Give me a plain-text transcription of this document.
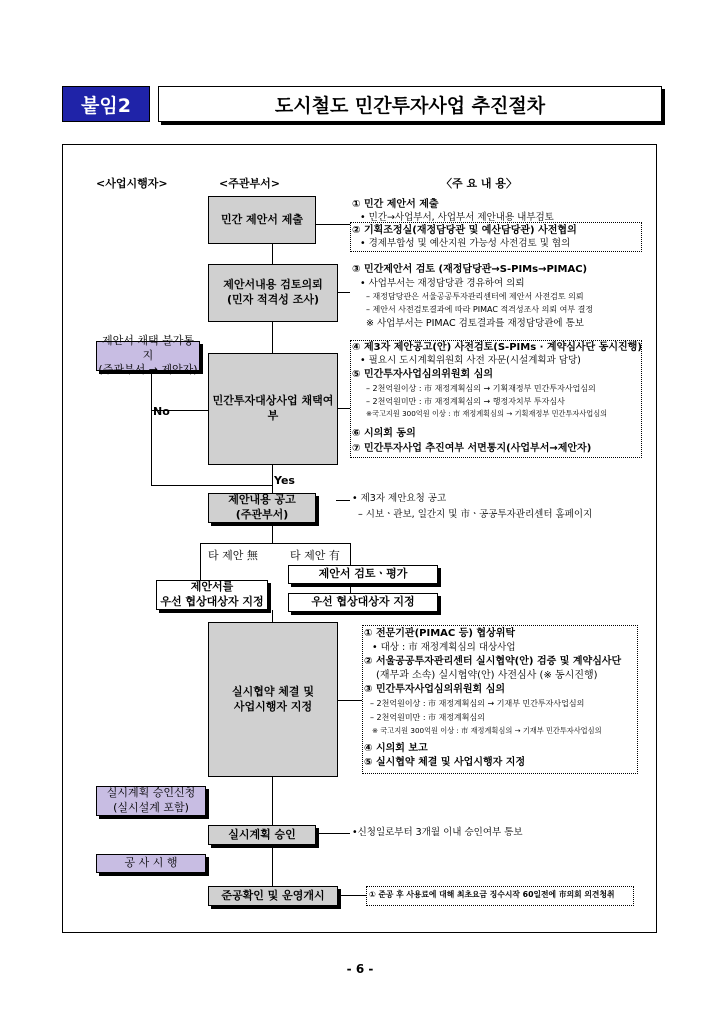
붙임2	도시철도 민간투자사업 추진절차
<사업시행자>	<주관부서>	〈주 요 내 용〉
민간 제안서 제출
제안서내용 검토의뢰
(민자 적격성 조사)
민간투자대상사업 채택여부
제안서 채택 불가통지
(주관부서 → 제안자)
제안내용 공고
(주관부서)
제안서를
우선 협상대상자 지정
제안서 검토ㆍ평가
우선 협상대상자 지정
실시협약 체결 및
사업시행자 지정
실시계획 승인신청
(실시설계 포함)
실시계획 승인
공 사 시 행
준공확인 및 운영개시
No
Yes
타 제안 無	타 제안 有
① 민간 제안서 제출
• 민간→사업부서, 사업부서 제안내용 내부검토
② 기획조정실(재정담당관 및 예산담당관) 사전협의
• 경제부합성 및 예산지원 가능성 사전검토 및 협의
③ 민간제안서 검토 (재정담당관→S-PIMs→PIMAC)
• 사업부서는 재정담당관 경유하여 의뢰
– 재정담당관은 서울공공투자관리센터에 제안서 사전검토 의뢰
– 제안서 사전검토결과에 따라 PIMAC 적격성조사 의뢰 여부 결정
※ 사업부서는 PIMAC 검토결과를 재정담당관에 통보
④ 제3자 제안공고(안) 사전검토(S-PIMs · 계약심사단 동시진행)
• 필요시 도시계획위원회 사전 자문(시설계획과 담당)
⑤ 민간투자사업심의위원회 심의
– 2천억원이상 : 市 재정계획심의 → 기획재정부 민간투자사업심의
– 2천억원미만 : 市 재정계획심의 → 행정자치부 투자심사
※국고지원 300억원 이상 : 市 재정계획심의 → 기획재정부 민간투자사업심의
⑥ 시의회 동의
⑦ 민간투자사업 추진여부 서면통지(사업부서→제안자)
• 제3자 제안요청 공고
– 시보ㆍ관보, 일간지 및 市ㆍ공공투자관리센터 홈페이지
① 전문기관(PIMAC 등) 협상위탁
• 대상 : 市 재정계획심의 대상사업
② 서울공공투자관리센터 실시협약(안) 검증 및 계약심사단
(재무과 소속) 실시협약(안) 사전심사 (※ 동시진행)
③ 민간투자사업심의위원회 심의
– 2천억원이상 : 市 재정계획심의 → 기재부 민간투자사업심의
– 2천억원미만 : 市 재정계획심의
※ 국고지원 300억원 이상 : 市 재정계획심의 → 기재부 민간투자사업심의
④ 시의회 보고
⑤ 실시협약 체결 및 사업시행자 지정
•신청일로부터 3개월 이내 승인여부 통보
① 준공 후 사용료에 대해 최초요금 징수시작 60일전에 市의회 의견청취
- 6 -
